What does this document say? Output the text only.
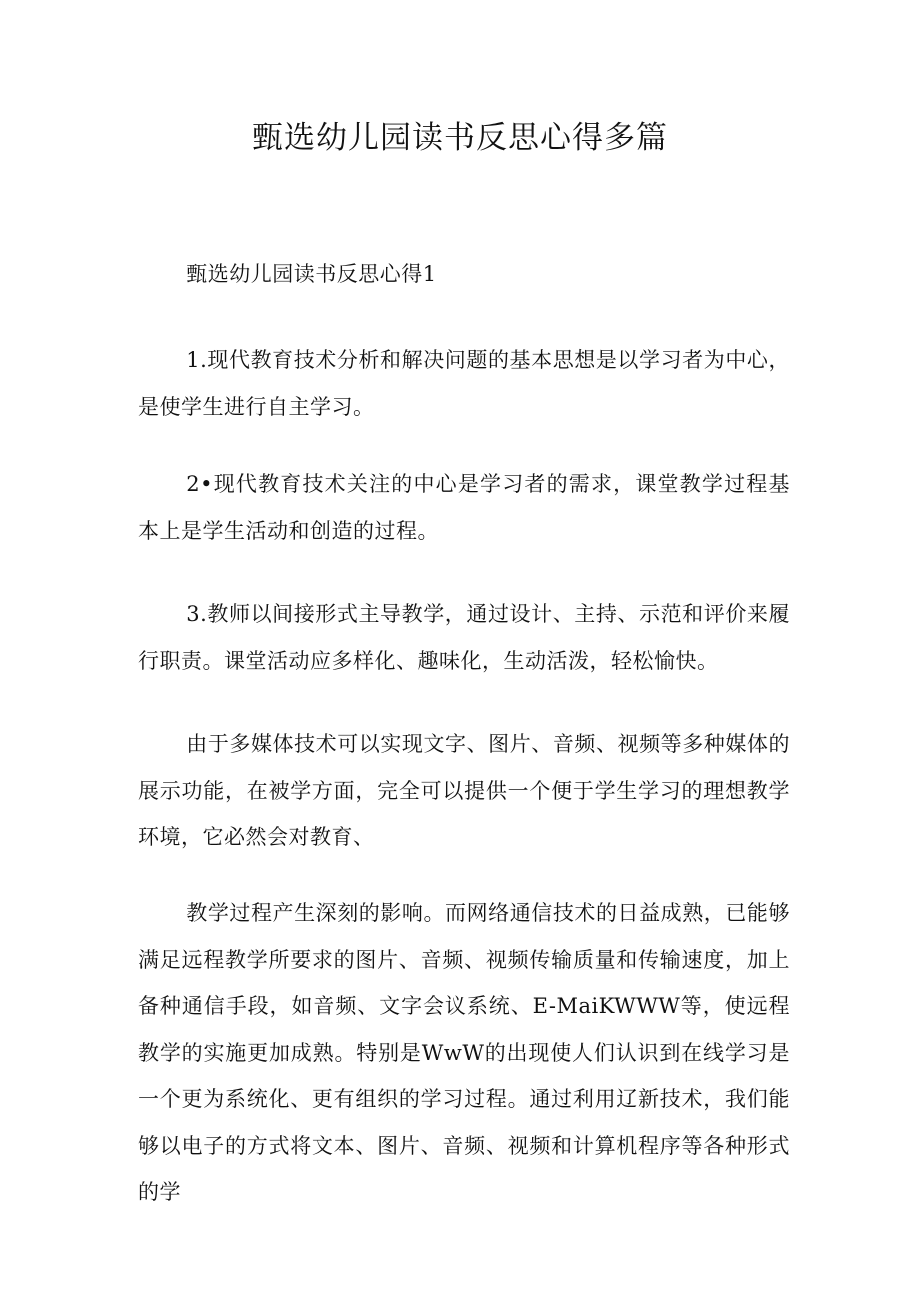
甄选幼儿园读书反思心得多篇

甄选幼儿园读书反思心得1

1.现代教育技术分析和解决问题的基本思想是以学习者为中心，是使学生进行自主学习。

2•现代教育技术关注的中心是学习者的需求，课堂教学过程基本上是学生活动和创造的过程。

3.教师以间接形式主导教学，通过设计、主持、示范和评价来履行职责。课堂活动应多样化、趣味化，生动活泼，轻松愉快。

由于多媒体技术可以实现文字、图片、音频、视频等多种媒体的展示功能，在被学方面，完全可以提供一个便于学生学习的理想教学环境，它必然会对教育、

教学过程产生深刻的影响。而网络通信技术的日益成熟，已能够满足远程教学所要求的图片、音频、视频传输质量和传输速度，加上备种通信手段，如音频、文字会议系统、E-MaiKWWW等，使远程教学的实施更加成熟。特别是WwW的出现使人们认识到在线学习是一个更为系统化、更有组织的学习过程。通过利用辽新技术，我们能够以电子的方式将文本、图片、音频、视频和计算机程序等各种形式的学
